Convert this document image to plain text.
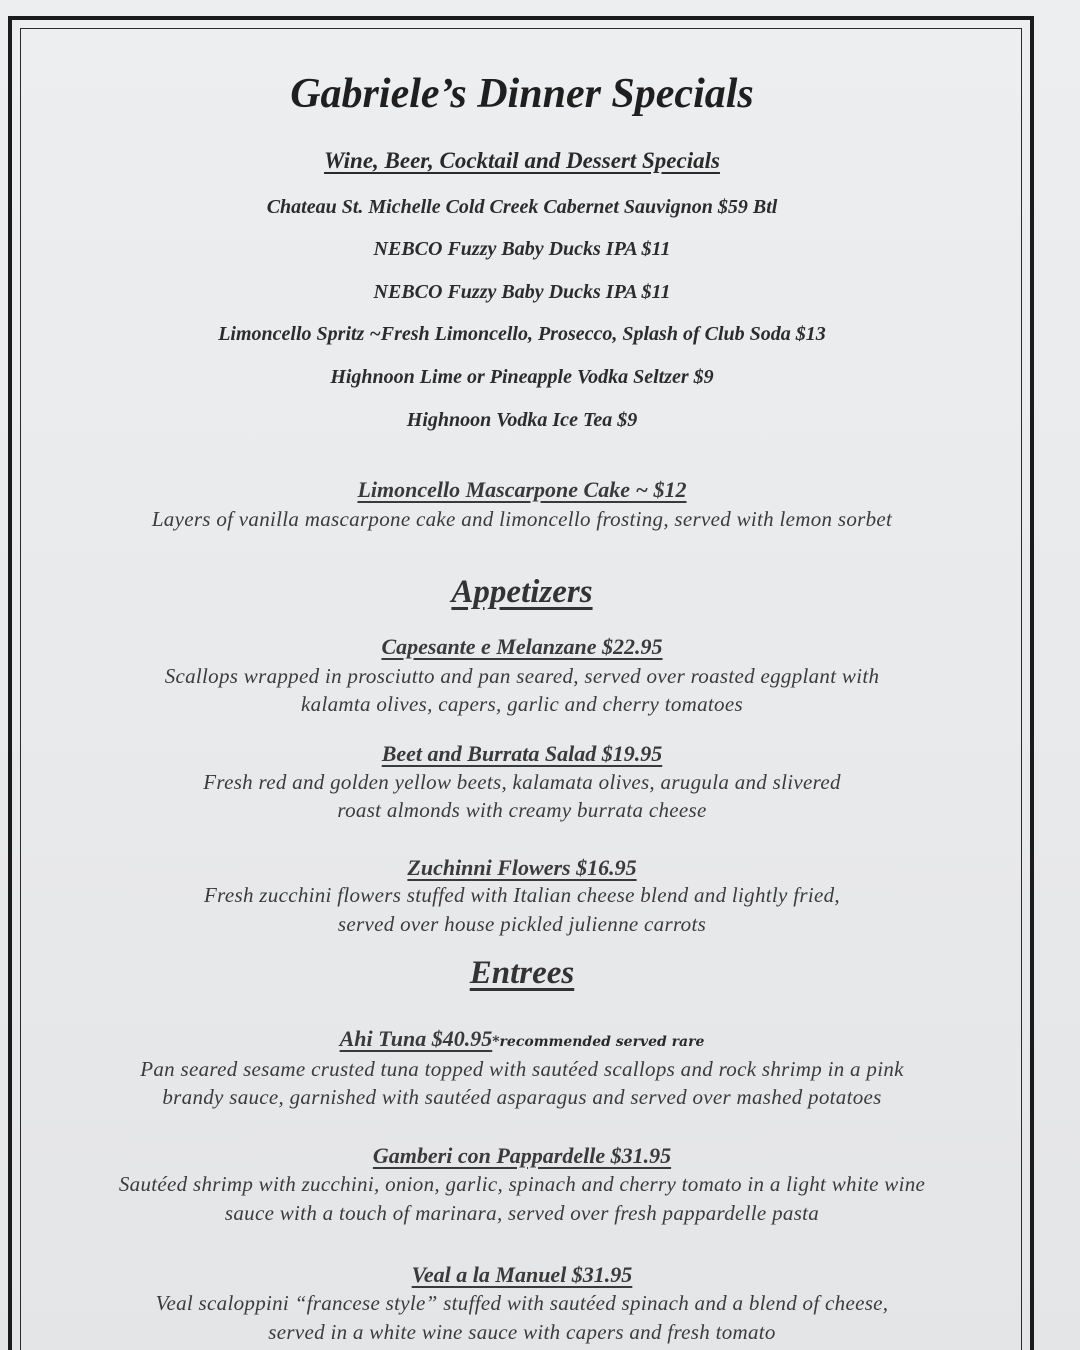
Gabriele’s Dinner Specials
Wine, Beer, Cocktail and Dessert Specials
Chateau St. Michelle Cold Creek Cabernet Sauvignon $59 Btl
NEBCO Fuzzy Baby Ducks IPA $11
NEBCO Fuzzy Baby Ducks IPA $11
Limoncello Spritz ~Fresh Limoncello, Prosecco, Splash of Club Soda $13
Highnoon Lime or Pineapple Vodka Seltzer $9
Highnoon Vodka Ice Tea $9
Limoncello Mascarpone Cake ~ $12
Layers of vanilla mascarpone cake and limoncello frosting, served with lemon sorbet
Appetizers
Capesante e Melanzane $22.95
Scallops wrapped in prosciutto and pan seared, served over roasted eggplant with
kalamta olives, capers, garlic and cherry tomatoes
Beet and Burrata Salad $19.95
Fresh red and golden yellow beets, kalamata olives, arugula and slivered
roast almonds with creamy burrata cheese
Zuchinni Flowers $16.95
Fresh zucchini flowers stuffed with Italian cheese blend and lightly fried,
served over house pickled julienne carrots
Entrees
Ahi Tuna $40.95*recommended served rare
Pan seared sesame crusted tuna topped with sautéed scallops and rock shrimp in a pink
brandy sauce, garnished with sautéed asparagus and served over mashed potatoes
Gamberi con Pappardelle $31.95
Sautéed shrimp with zucchini, onion, garlic, spinach and cherry tomato in a light white wine
sauce with a touch of marinara, served over fresh pappardelle pasta
Veal a la Manuel $31.95
Veal scaloppini “francese style” stuffed with sautéed spinach and a blend of cheese,
served in a white wine sauce with capers and fresh tomato
